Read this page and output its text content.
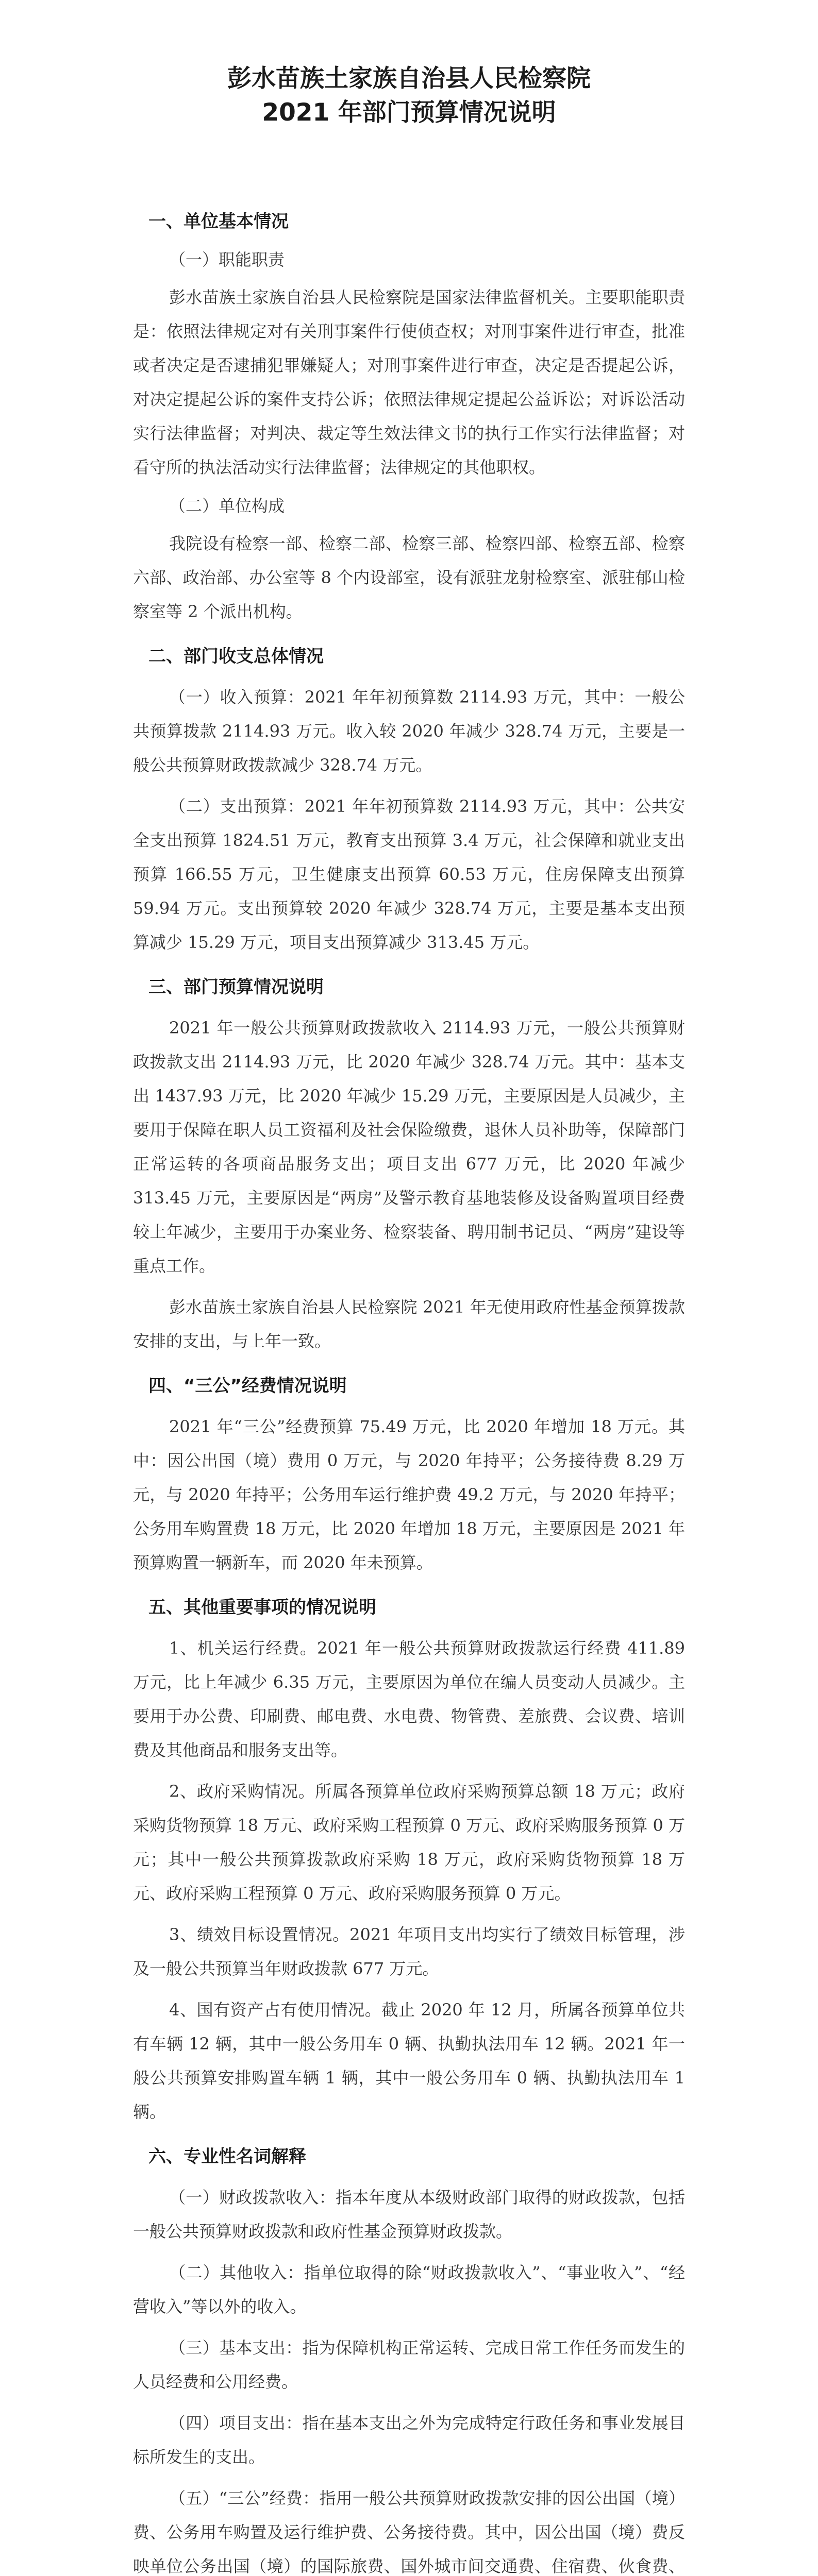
彭水苗族土家族自治县人民检察院
2021 年部门预算情况说明
一、单位基本情况
（一）职能职责

彭水苗族土家族自治县人民检察院是国家法律监督机关。主要职能职责是：依照法律规定对有关刑事案件行使侦查权；对刑事案件进行审查，批准或者决定是否逮捕犯罪嫌疑人；对刑事案件进行审查，决定是否提起公诉，对决定提起公诉的案件支持公诉；依照法律规定提起公益诉讼；对诉讼活动实行法律监督；对判决、裁定等生效法律文书的执行工作实行法律监督；对看守所的执法活动实行法律监督；法律规定的其他职权。

（二）单位构成

我院设有检察一部、检察二部、检察三部、检察四部、检察五部、检察六部、政治部、办公室等 8 个内设部室，设有派驻龙射检察室、派驻郁山检察室等 2 个派出机构。

二、部门收支总体情况

（一）收入预算：2021 年年初预算数 2114.93 万元，其中：一般公共预算拨款 2114.93 万元。收入较 2020 年减少 328.74 万元，主要是一般公共预算财政拨款减少 328.74 万元。

（二）支出预算：2021 年年初预算数 2114.93 万元，其中：公共安全支出预算 1824.51 万元，教育支出预算 3.4 万元，社会保障和就业支出预算 166.55 万元，卫生健康支出预算 60.53 万元，住房保障支出预算 59.94 万元。支出预算较 2020 年减少 328.74 万元，主要是基本支出预算减少 15.29 万元，项目支出预算减少 313.45 万元。

三、部门预算情况说明

2021 年一般公共预算财政拨款收入 2114.93 万元，一般公共预算财政拨款支出 2114.93 万元，比 2020 年减少 328.74 万元。其中：基本支出 1437.93 万元，比 2020 年减少 15.29 万元，主要原因是人员减少，主要用于保障在职人员工资福利及社会保险缴费，退休人员补助等，保障部门正常运转的各项商品服务支出；项目支出 677 万元，比 2020 年减少 313.45 万元，主要原因是“两房”及警示教育基地装修及设备购置项目经费较上年减少，主要用于办案业务、检察装备、聘用制书记员、“两房”建设等重点工作。

彭水苗族土家族自治县人民检察院 2021 年无使用政府性基金预算拨款安排的支出，与上年一致。

四、“三公”经费情况说明

2021 年“三公”经费预算 75.49 万元，比 2020 年增加 18 万元。其中：因公出国（境）费用 0 万元，与 2020 年持平；公务接待费 8.29 万元，与 2020 年持平；公务用车运行维护费 49.2 万元，与 2020 年持平；公务用车购置费 18 万元，比 2020 年增加 18 万元，主要原因是 2021 年预算购置一辆新车，而 2020 年未预算。

五、其他重要事项的情况说明

1、机关运行经费。2021 年一般公共预算财政拨款运行经费 411.89 万元，比上年减少 6.35 万元，主要原因为单位在编人员变动人员减少。主要用于办公费、印刷费、邮电费、水电费、物管费、差旅费、会议费、培训费及其他商品和服务支出等。

2、政府采购情况。所属各预算单位政府采购预算总额 18 万元；政府采购货物预算 18 万元、政府采购工程预算 0 万元、政府采购服务预算 0 万元；其中一般公共预算拨款政府采购 18 万元，政府采购货物预算 18 万元、政府采购工程预算 0 万元、政府采购服务预算 0 万元。

3、绩效目标设置情况。2021 年项目支出均实行了绩效目标管理，涉及一般公共预算当年财政拨款 677 万元。

4、国有资产占有使用情况。截止 2020 年 12 月，所属各预算单位共有车辆 12 辆，其中一般公务用车 0 辆、执勤执法用车 12 辆。2021 年一般公共预算安排购置车辆 1 辆，其中一般公务用车 0 辆、执勤执法用车 1 辆。

六、专业性名词解释

（一）财政拨款收入：指本年度从本级财政部门取得的财政拨款，包括一般公共预算财政拨款和政府性基金预算财政拨款。

（二）其他收入：指单位取得的除“财政拨款收入”、“事业收入”、“经营收入”等以外的收入。

（三）基本支出：指为保障机构正常运转、完成日常工作任务而发生的人员经费和公用经费。

（四）项目支出：指在基本支出之外为完成特定行政任务和事业发展目标所发生的支出。

（五）“三公”经费：指用一般公共预算财政拨款安排的因公出国（境）费、公务用车购置及运行维护费、公务接待费。其中，因公出国（境）费反映单位公务出国（境）的国际旅费、国外城市间交通费、住宿费、伙食费、
